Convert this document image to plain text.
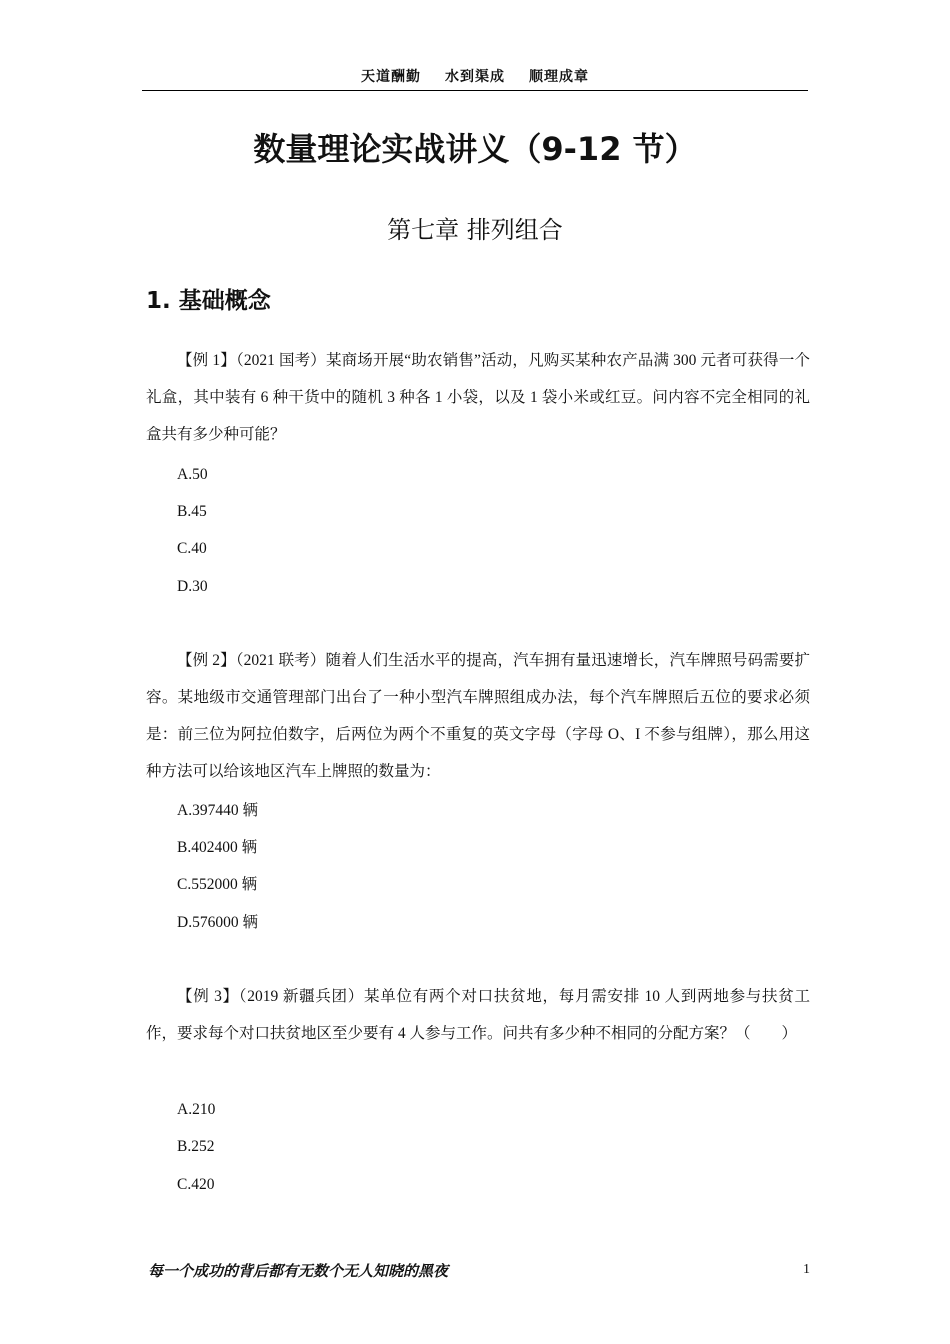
天道酬勤 水到渠成 顺理成章
数量理论实战讲义（9-12 节）
第七章 排列组合
1. 基础概念
【例 1】（2021 国考）某商场开展“助农销售”活动，凡购买某种农产品满 300 元者可获得一个礼盒，其中装有 6 种干货中的随机 3 种各 1 小袋，以及 1 袋小米或红豆。问内容不完全相同的礼盒共有多少种可能？
A.50
B.45
C.40
D.30
【例 2】（2021 联考）随着人们生活水平的提高，汽车拥有量迅速增长，汽车牌照号码需要扩容。某地级市交通管理部门出台了一种小型汽车牌照组成办法，每个汽车牌照后五位的要求必须是：前三位为阿拉伯数字，后两位为两个不重复的英文字母（字母 O、I 不参与组牌），那么用这种方法可以给该地区汽车上牌照的数量为：
A.397440 辆
B.402400 辆
C.552000 辆
D.576000 辆
【例 3】（2019 新疆兵团）某单位有两个对口扶贫地，每月需安排 10 人到两地参与扶贫工作，要求每个对口扶贫地区至少要有 4 人参与工作。问共有多少种不相同的分配方案？（　　）
A.210
B.252
C.420
每一个成功的背后都有无数个无人知晓的黑夜	1
